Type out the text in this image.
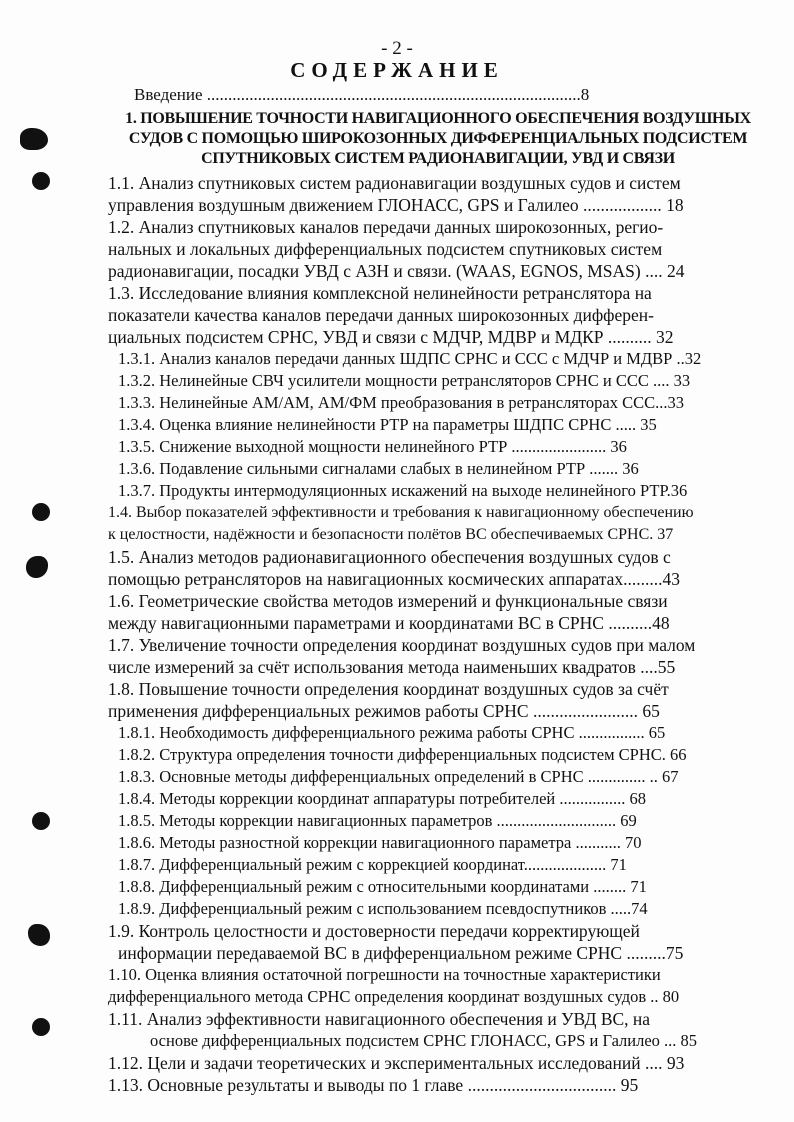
- 2 -
СОДЕРЖАНИЕ
Введение ........................................................................................8
1. ПОВЫШЕНИЕ ТОЧНОСТИ НАВИГАЦИОННОГО ОБЕСПЕЧЕНИЯ ВОЗДУШНЫХ
СУДОВ С ПОМОЩЬЮ ШИРОКОЗОННЫХ ДИФФЕРЕНЦИАЛЬНЫХ ПОДСИСТЕМ
СПУТНИКОВЫХ СИСТЕМ РАДИОНАВИГАЦИИ, УВД И СВЯЗИ
1.1. Анализ спутниковых систем радионавигации воздушных судов и систем
управления воздушным движением ГЛОНАСС, GPS и Галилео .................. 18
1.2. Анализ спутниковых каналов передачи данных широкозонных, регио-
нальных и локальных дифференциальных подсистем спутниковых систем
радионавигации, посадки УВД с АЗН и связи. (WAAS, EGNOS, MSAS) .... 24
1.3. Исследование влияния комплексной нелинейности ретранслятора на
показатели качества каналов передачи данных широкозонных дифферен-
циальных подсистем СРНС, УВД и связи с МДЧР, МДВР и МДКР .......... 32
1.3.1. Анализ каналов передачи данных ШДПС СРНС и ССС с МДЧР и МДВР ..32
1.3.2. Нелинейные СВЧ усилители мощности ретрансляторов СРНС и ССС .... 33
1.3.3. Нелинейные АМ/АМ, АМ/ФМ преобразования в ретрансляторах ССС...33
1.3.4. Оценка влияние нелинейности РТР на параметры ШДПС СРНС ..... 35
1.3.5. Снижение выходной мощности нелинейного РТР ....................... 36
1.3.6. Подавление сильными сигналами слабых в нелинейном РТР ....... 36
1.3.7. Продукты интермодуляционных искажений на выходе нелинейного РТР.36
1.4. Выбор показателей эффективности и требования к навигационному обеспечению
к целостности, надёжности и безопасности полётов ВС обеспечиваемых СРНС. 37
1.5. Анализ методов радионавигационного обеспечения воздушных судов с
помощью ретрансляторов на навигационных космических аппаратах.........43
1.6. Геометрические свойства методов измерений и функциональные связи
между навигационными параметрами и координатами ВС в СРНС ..........48
1.7. Увеличение точности определения координат воздушных судов при малом
числе измерений за счёт использования метода наименьших квадратов ....55
1.8. Повышение точности определения координат воздушных судов за счёт
применения дифференциальных режимов работы СРНС ........................ 65
1.8.1. Необходимость дифференциального режима работы СРНС ................ 65
1.8.2. Структура определения точности дифференциальных подсистем СРНС. 66
1.8.3. Основные методы дифференциальных определений в СРНС .............. .. 67
1.8.4. Методы коррекции координат аппаратуры потребителей ................ 68
1.8.5. Методы коррекции навигационных параметров ............................. 69
1.8.6. Методы разностной коррекции навигационного параметра ........... 70
1.8.7. Дифференциальный режим с коррекцией координат.................... 71
1.8.8. Дифференциальный режим с относительными координатами ........ 71
1.8.9. Дифференциальный режим с использованием псевдоспутников .....74
1.9. Контроль целостности и достоверности передачи корректирующей
информации передаваемой ВС в дифференциальном режиме СРНС .........75
1.10. Оценка влияния остаточной погрешности на точностные характеристики
дифференциального метода СРНС определения координат воздушных судов .. 80
1.11. Анализ эффективности навигационного обеспечения и УВД ВС, на
основе дифференциальных подсистем СРНС ГЛОНАСС, GPS и Галилео ... 85
1.12. Цели и задачи теоретических и экспериментальных исследований .... 93
1.13. Основные результаты и выводы по 1 главе .................................. 95
